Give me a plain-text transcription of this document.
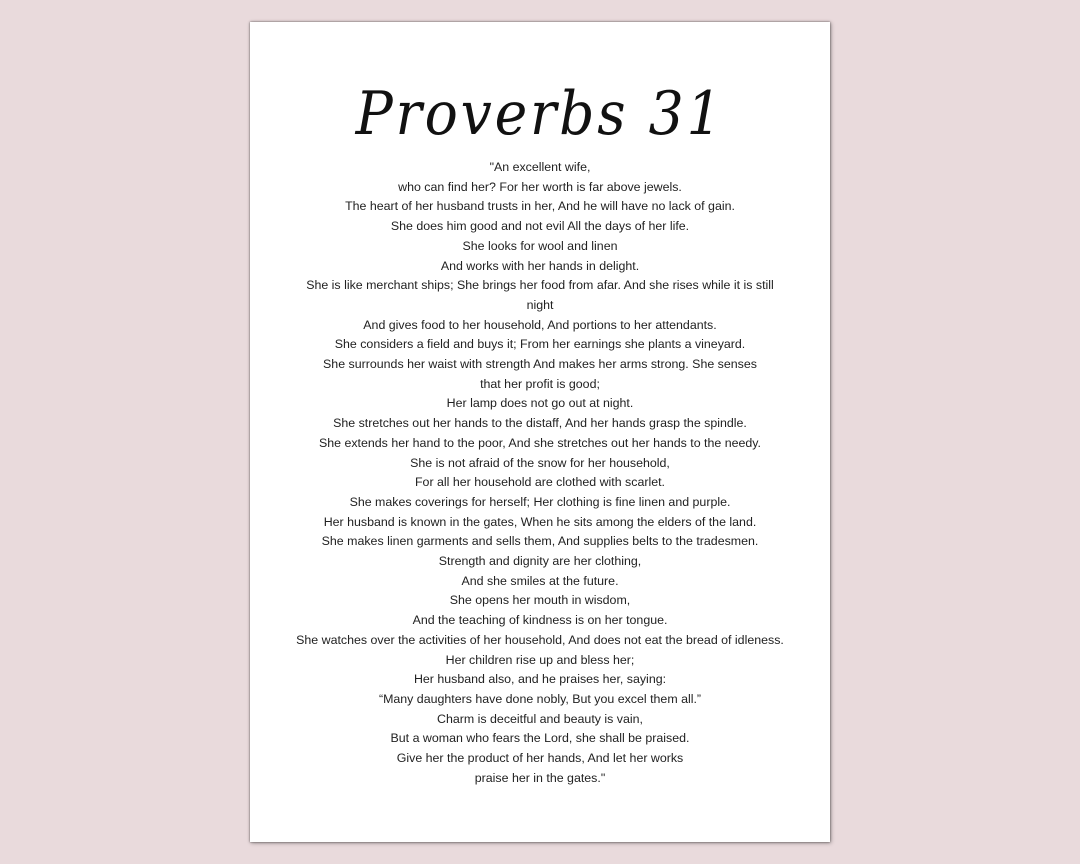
Proverbs 31
"An excellent wife,
who can find her? For her worth is far above jewels.
The heart of her husband trusts in her, And he will have no lack of gain.
She does him good and not evil All the days of her life.
She looks for wool and linen
And works with her hands in delight.
She is like merchant ships; She brings her food from afar. And she rises while it is still
night
And gives food to her household, And portions to her attendants.
She considers a field and buys it; From her earnings she plants a vineyard.
She surrounds her waist with strength And makes her arms strong. She senses
that her profit is good;
Her lamp does not go out at night.
She stretches out her hands to the distaff, And her hands grasp the spindle.
She extends her hand to the poor, And she stretches out her hands to the needy.
She is not afraid of the snow for her household,
For all her household are clothed with scarlet.
She makes coverings for herself; Her clothing is fine linen and purple.
Her husband is known in the gates, When he sits among the elders of the land.
She makes linen garments and sells them, And supplies belts to the tradesmen.
Strength and dignity are her clothing,
And she smiles at the future.
She opens her mouth in wisdom,
And the teaching of kindness is on her tongue.
She watches over the activities of her household, And does not eat the bread of idleness.
Her children rise up and bless her;
Her husband also, and he praises her, saying:
“Many daughters have done nobly, But you excel them all.”
Charm is deceitful and beauty is vain,
But a woman who fears the Lord, she shall be praised.
Give her the product of her hands, And let her works
praise her in the gates."
